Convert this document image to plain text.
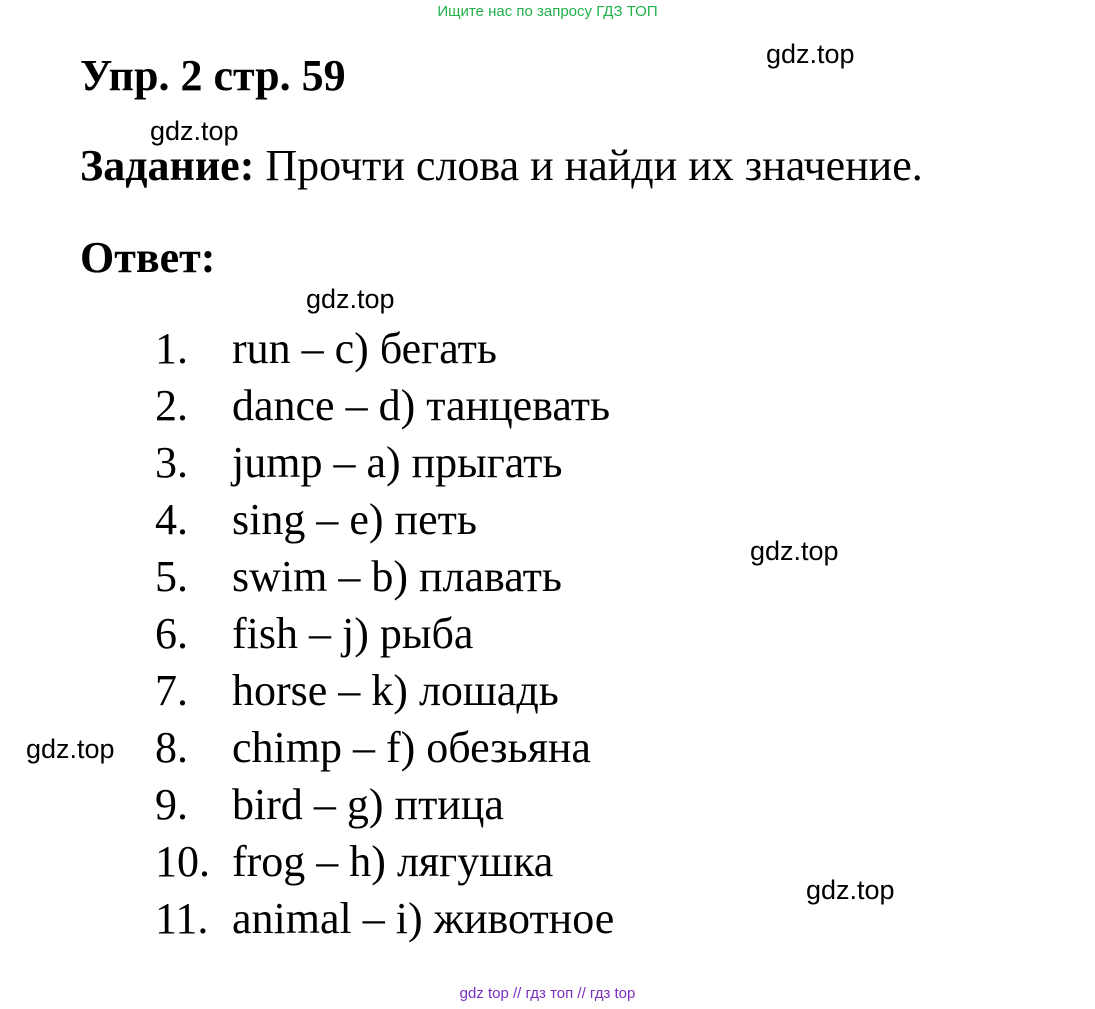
Ищите нас по запросу ГДЗ ТОП
Упр. 2 стр. 59
Задание: Прочти слова и найди их значение.
Ответ:
1.	run – c) бегать
2.	dance – d) танцевать
3.	jump – a) прыгать
4.	sing – e) петь
5.	swim – b) плавать
6.	fish – j) рыба
7.	horse – k) лошадь
8.	chimp – f) обезьяна
9.	bird – g) птица
10. frog – h) лягушка
11. animal – i) животное
gdz.top
gdz.top
gdz.top
gdz.top
gdz.top
gdz.top
gdz top // гдз топ // гдз top
